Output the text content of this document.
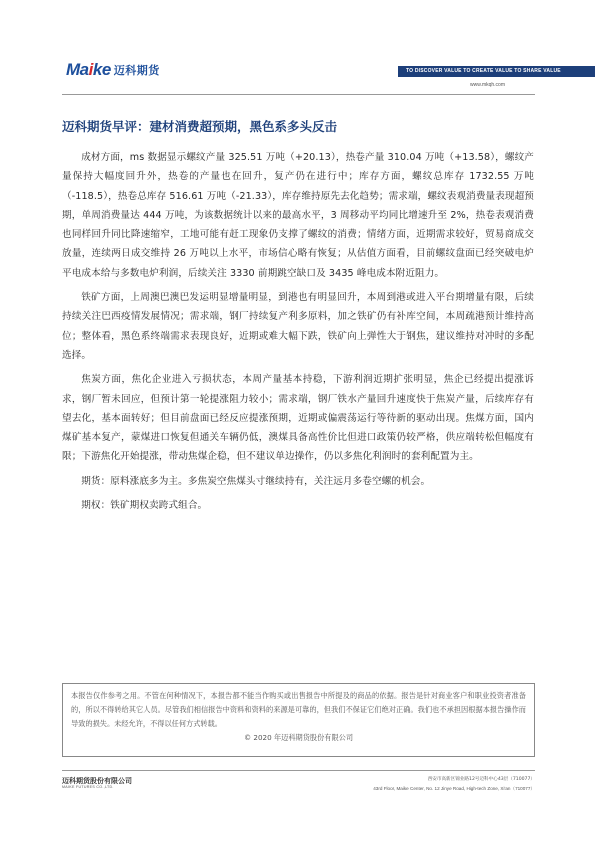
Maike 迈科期货	TO DISCOVER VALUE TO CREATE VALUE TO SHARE VALUE
www.mkqh.com
迈科期货早评：建材消费超预期，黑色系多头反击

成材方面，ms 数据显示螺纹产量 325.51 万吨（+20.13），热卷产量 310.04 万吨（+13.58），螺纹产量保持大幅度回升外，热卷的产量也在回升，复产仍在进行中；库存方面，螺纹总库存 1732.55 万吨（-118.5），热卷总库存 516.61 万吨（-21.33），库存维持原先去化趋势；需求端，螺纹表观消费量表现超预期，单周消费量达 444 万吨，为该数据统计以来的最高水平，3 周移动平均同比增速升至 2%，热卷表观消费也同样回升同比降速缩窄，工地可能有赶工现象仍支撑了螺纹的消费；情绪方面，近期需求较好，贸易商成交放量，连续两日成交维持 26 万吨以上水平，市场信心略有恢复；从估值方面看，目前螺纹盘面已经突破电炉平电成本给与多数电炉利润，后续关注 3330 前期跳空缺口及 3435 峰电成本附近阻力。

铁矿方面，上周澳巴澳巴发运明显增量明显，到港也有明显回升，本周到港或进入平台期增量有限，后续持续关注巴西疫情发展情况；需求端，钢厂持续复产利多原料，加之铁矿仍有补库空间，本周疏港预计维持高位；整体看，黑色系终端需求表现良好，近期或难大幅下跌，铁矿向上弹性大于钢焦，建议维持对冲时的多配选择。

焦炭方面，焦化企业进入亏损状态，本周产量基本持稳，下游利润近期扩张明显，焦企已经提出提涨诉求，钢厂暂未回应，但预计第一轮提涨阻力较小；需求端，钢厂铁水产量回升速度快于焦炭产量，后续库存有望去化，基本面转好；但目前盘面已经反应提涨预期，近期或偏震荡运行等待新的驱动出现。焦煤方面，国内煤矿基本复产，蒙煤进口恢复但通关车辆仍低，澳煤具备高性价比但进口政策仍较严格，供应端转松但幅度有限；下游焦化开始提涨，带动焦煤企稳，但不建议单边操作，仍以多焦化利润时的套利配置为主。

期货：原料涨底多为主。多焦炭空焦煤头寸继续持有，关注远月多卷空螺的机会。

期权：铁矿期权卖跨式组合。

本报告仅作参考之用。不管在何种情况下，本报告都不能当作购买或出售报告中所提及的商品的依据。报告是针对商业客户和职业投资者准备的，所以不得转给其它人员。尽管我们相信报告中资料和资料的来源是可靠的，但我们不保证它们绝对正确。我们也不承担因根据本报告操作而导致的损失。未经允许，不得以任何方式转载。

© 2020 年迈科期货股份有限公司

迈科期货股份有限公司
MAIKE FUTURES CO.,LTD.
西安市高新区锦业路12号迈科中心43层（710077）
43rd Floor, Maike Center, No. 12 Jinye Road, High-tech Zone, Xi'an（710077）
